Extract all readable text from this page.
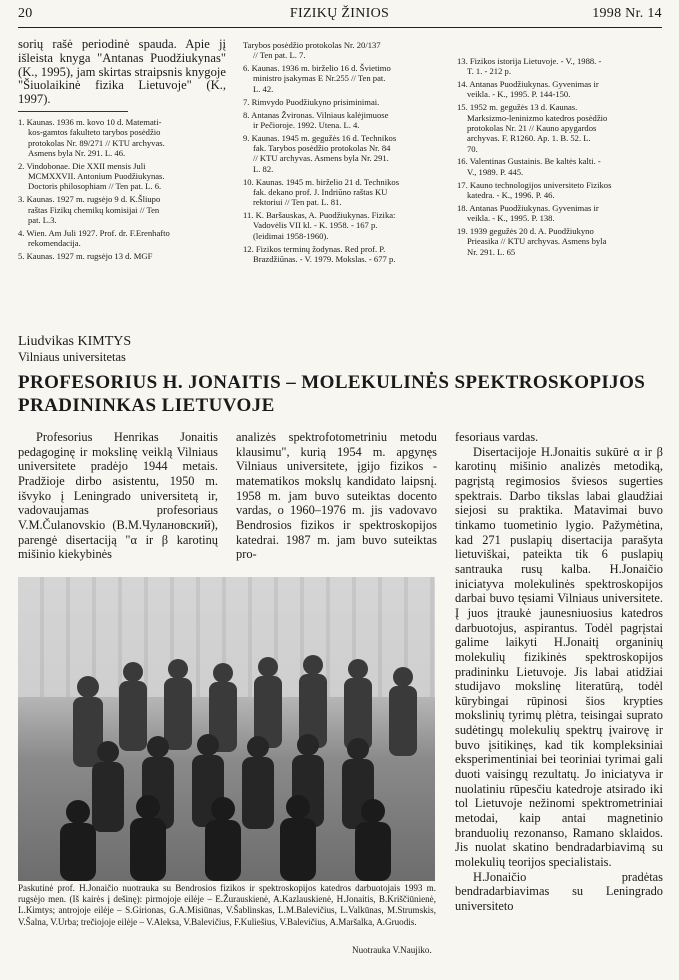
20	FIZIKŲ ŽINIOS	1998 Nr. 14

sorių rašė periodinė spauda. Apie jį išleista knyga "Antanas Puodžiukynas" (K., 1995), jam skirtas straipsnis knygoje "Šiuolaikinė fizika Lietuvoje" (K., 1997).

1. Kaunas. 1936 m. kovo 10 d. Matemati-
kos-gamtos fakulteto tarybos posėdžio
protokolas Nr. 89/271 // KTU archyvas.
Asmens byla Nr. 291. L. 46.
2. Vindobonae. Die XXII mensis Juli
MCMXXVII. Antonium Puodžiukynas.
Doctoris philosophiam // Ten pat. L. 6.
3. Kaunas. 1927 m. rugsėjo 9 d. K.Šliupo
raštas Fizikų chemikų komisijai // Ten
pat. L.3.
4. Wien. Am Juli 1927. Prof. dr. F.Erenhafto
rekomendacija.
5. Kaunas. 1927 m. rugsėjo 13 d. MGF
Tarybos posėdžio protokolas Nr. 20/137
// Ten pat. L. 7.
6. Kaunas. 1936 m. birželio 16 d. Švietimo
ministro įsakymas E Nr.255 // Ten pat.
L. 42.
7. Rimvydo Puodžiukyno prisiminimai.
8. Antanas Žvironas. Vilniaus kalėjimuose
ir Pečioroje. 1992. Utena. L. 4.
9. Kaunas. 1945 m. gegužės 16 d. Technikos
fak. Tarybos posėdžio protokolas Nr. 84
// KTU archyvas. Asmens byla Nr. 291.
L. 82.
10. Kaunas. 1945 m. birželio 21 d. Technikos
fak. dekano prof. J. Indriūno raštas KU
rektoriui // Ten pat. L. 81.
11. K. Baršauskas, A. Puodžiukynas. Fizika:
Vadovėlis VII kl. - K. 1958. - 167 p.
(leidimai 1958-1960).
12. Fizikos terminų žodynas. Red prof. P.
Brazdžiūnas. - V. 1979. Mokslas. - 677 p.
13. Fizikos istorija Lietuvoje. - V., 1988. -
T. 1. - 212 p.
14. Antanas Puodžiukynas. Gyvenimas ir
veikla. - K., 1995. P. 144-150.
15. 1952 m. gegužės 13 d. Kaunas.
Marksizmo-leninizmo katedros posėdžio
protokolas Nr. 21 // Kauno apygardos
archyvas. F. R1260. Ap. 1. B. 52. L.
70.
16. Valentinas Gustainis. Be kaltės kalti. -
V., 1989. P. 445.
17. Kauno technologijos universiteto Fizikos
katedra. - K., 1996. P. 46.
18. Antanas Puodžiukynas. Gyvenimas ir
veikla. - K., 1995. P. 138.
19. 1939 gegužės 20 d. A. Puodžiukyno
Prieasika // KTU archyvas. Asmens byla
Nr. 291. L. 65
Liudvikas KIMTYS
Vilniaus universitetas
PROFESORIUS H. JONAITIS – MOLEKULINĖS SPEKTROSKOPIJOS
PRADININKAS LIETUVOJE

Profesorius Henrikas Jonaitis pedagoginę ir mokslinę veiklą Vilniaus universitete pradėjo 1944 metais. Pradžioje dirbo asistentu, 1950 m. išvyko į Leningrado universitetą ir, vadovaujamas profesoriaus V.M.Čulanovskio (В.М.Чулановский), parengė disertaciją "α ir β karotinų mišinio kiekybinės

analizės spektrofotometriniu metodu klausimu", kurią 1954 m. apgynęs Vilniaus universitete, įgijo fizikos - matematikos mokslų kandidato laipsnį. 1958 m. jam buvo suteiktas docento vardas, o 1960–1976 m. jis vadovavo Bendrosios fizikos ir spektroskopijos katedrai. 1987 m. jam buvo suteiktas pro-

fesoriaus vardas.

Disertacijoje H.Jonaitis sukūrė α ir β karotinų mišinio analizės metodiką, pagrįstą regimosios šviesos sugerties spektrais. Darbo tikslas labai glaudžiai siejosi su praktika. Matavimai buvo tinkamo tuometinio lygio. Pažymėtina, kad 271 puslapių disertacija parašyta lietuviškai, pateikta tik 6 puslapių santrauka rusų kalba. H.Jonaičio iniciatyva molekulinės spektroskopijos darbai buvo tęsiami Vilniaus universitete. Į juos įtraukė jaunesniuosius katedros darbuotojus, aspirantus. Todėl pagrįstai galime laikyti H.Jonaitį organinių molekulių fizikinės spektroskopijos pradininku Lietuvoje. Jis labai atidžiai studijavo mokslinę literatūrą, todėl kūrybingai rūpinosi šios krypties mokslinių tyrimų plėtra, teisingai suprato sudėtingų molekulių spektrų įvairovę ir buvo įsitikinęs, kad tik kompleksiniai eksperimentiniai bei teoriniai tyrimai gali duoti vaisingų rezultatų. Jo iniciatyva ir nuolatiniu rūpesčiu katedroje atsirado iki tol Lietuvoje nežinomi spektrometriniai metodai, kaip antai magnetinio branduolių rezonanso, Ramano sklaidos. Jis nuolat skatino bendradarbiavimą su molekulių teorijos specialistais.

H.Jonaičio pradėtas bendradarbiavimas su Leningrado universiteto

Paskutinė prof. H.Jonaičio nuotrauka su Bendrosios fizikos ir spektroskopijos katedros darbuotojais 1993 m. rugsėjo men. (Iš kairės į dešinę): pirmojoje eilėje – E.Žurauskienė, A.Kazlauskienė, H.Jonaitis, B.Kriščiūnienė, L.Kimtys; antrojoje eilėje – S.Girionas, G.A.Misiūnas, V.Šablinskas, L.M.Balevičius, L.Valkūnas, M.Strumskis, V.Šalna, V.Urba; trečiojoje eilėje – V.Aleksa, V.Balevičius, F.Kuliešius, V.Balevičius, A.Maršalka, A.Gruodis.
Nuotrauka V.Naujiko.
